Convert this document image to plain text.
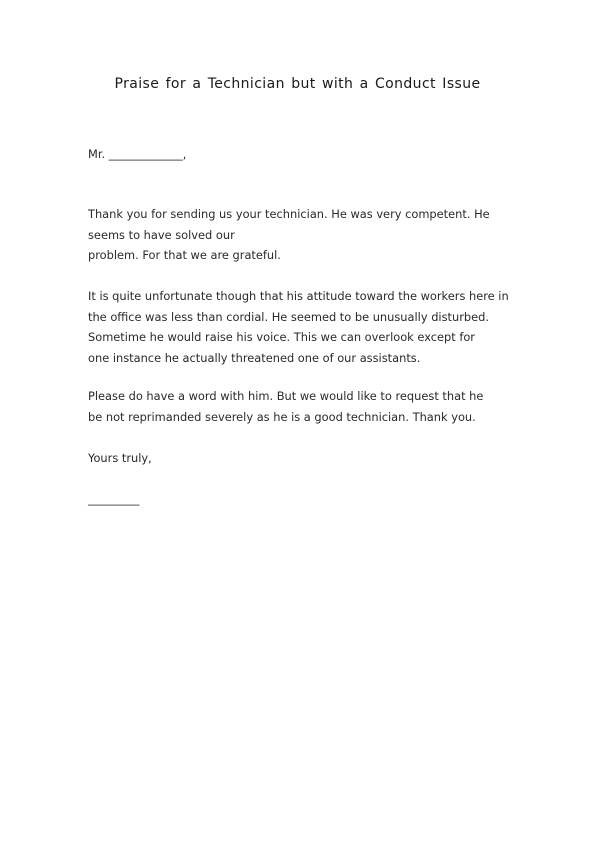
Praise for a Technician but with a Conduct Issue
Mr. _____________,
Thank you for sending us your technician. He was very competent. He
seems to have solved our
problem. For that we are grateful.
It is quite unfortunate though that his attitude toward the workers here in
the office was less than cordial. He seemed to be unusually disturbed.
Sometime he would raise his voice. This we can overlook except for
one instance he actually threatened one of our assistants.
Please do have a word with him. But we would like to request that he
be not reprimanded severely as he is a good technician. Thank you.
Yours truly,
_________
